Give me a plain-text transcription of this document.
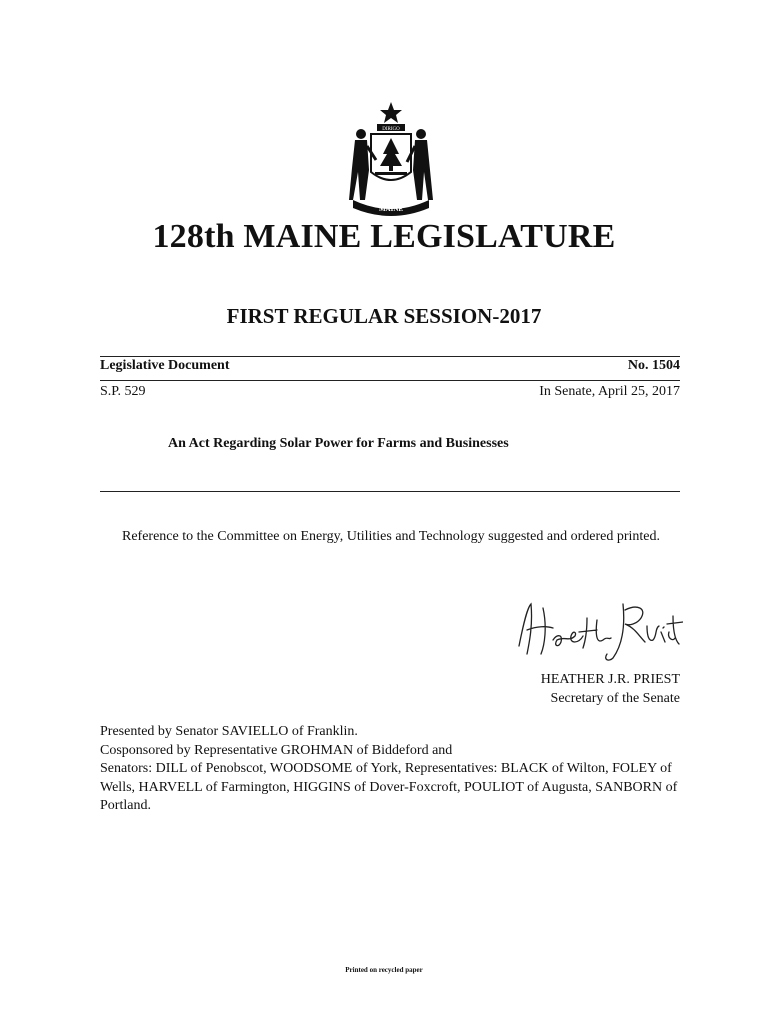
DIRIGO
MAINE
128th MAINE LEGISLATURE
FIRST REGULAR SESSION-2017
Legislative Document	No. 1504
S.P. 529	In Senate, April 25, 2017
An Act Regarding Solar Power for Farms and Businesses
Reference to the Committee on Energy, Utilities and Technology suggested and ordered printed.
HEATHER J.R. PRIEST
Secretary of the Senate
Presented by Senator SAVIELLO of Franklin.
Cosponsored by Representative GROHMAN of Biddeford and
Senators: DILL of Penobscot, WOODSOME of York, Representatives: BLACK of Wilton, FOLEY of Wells, HARVELL of Farmington, HIGGINS of Dover-Foxcroft, POULIOT of Augusta, SANBORN of Portland.
Printed on recycled paper
